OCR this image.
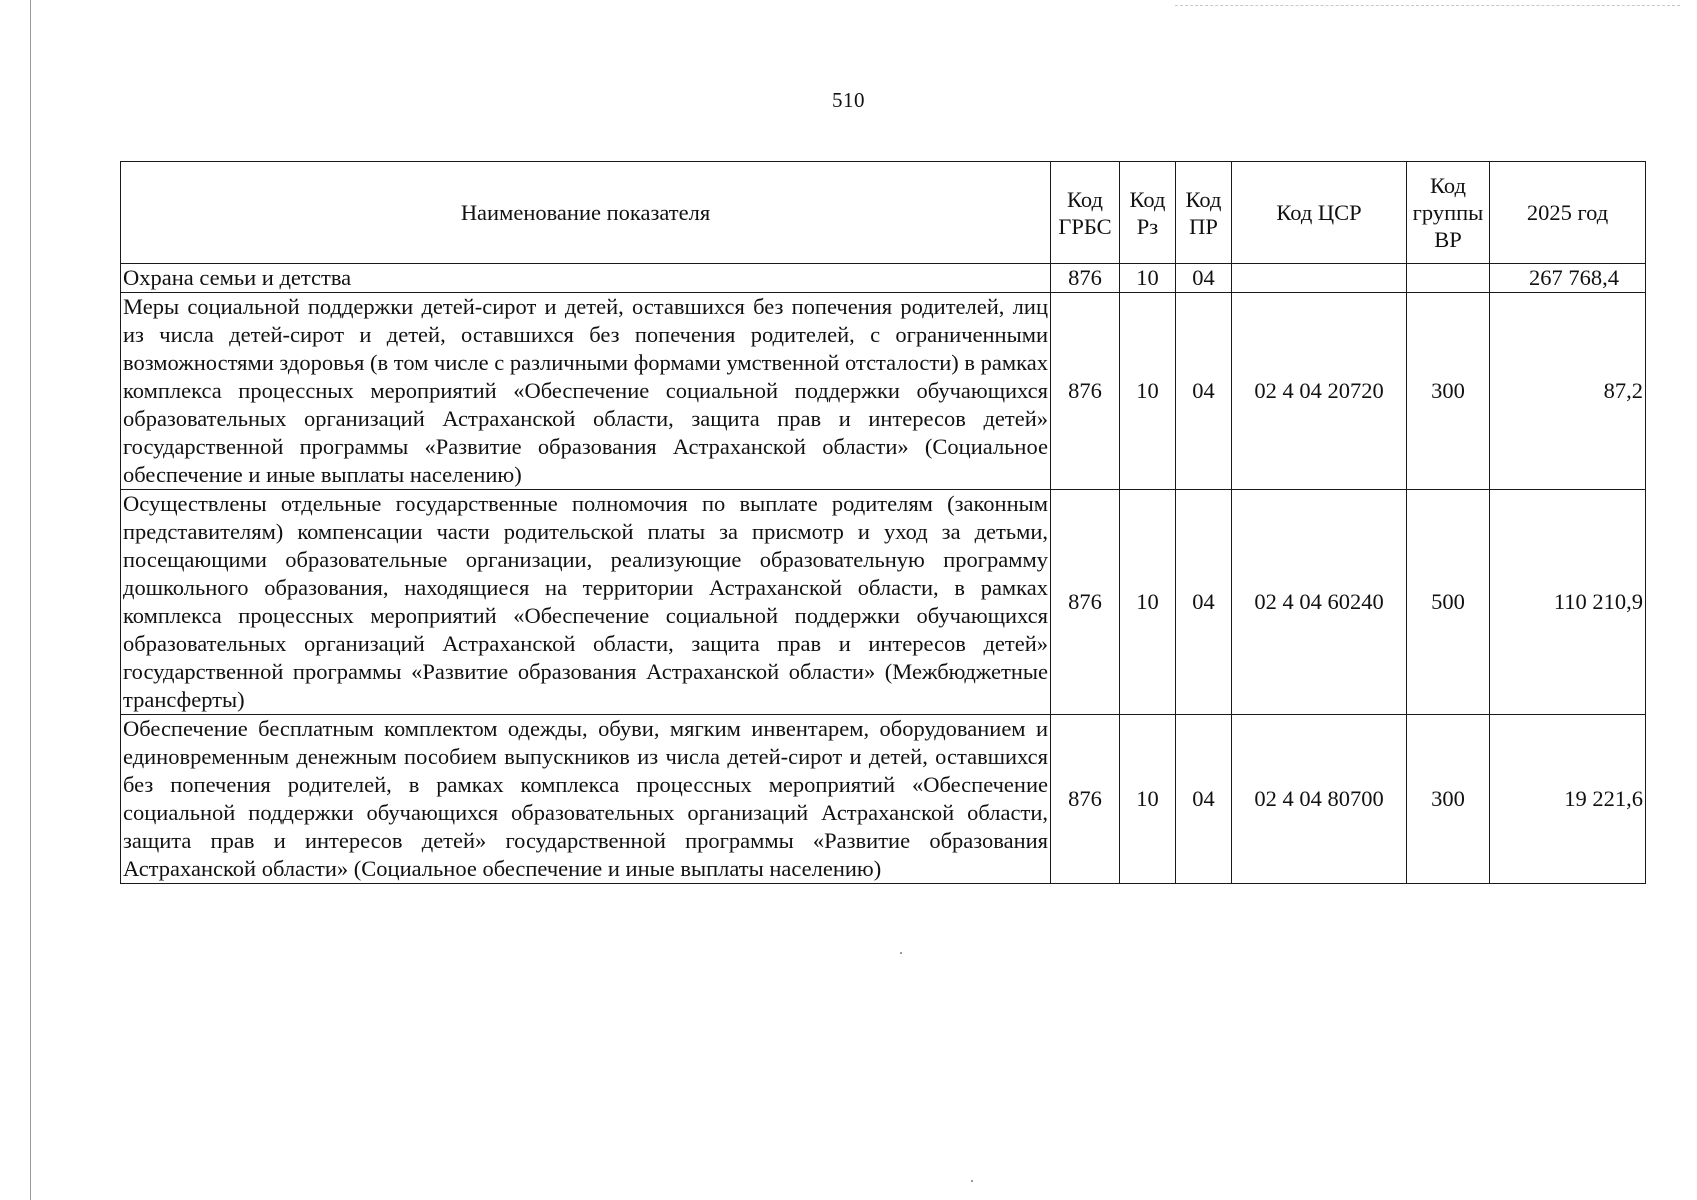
510
Наименование показателя	Код ГРБС	Код Рз	Код ПР	Код ЦСР	Код группы ВР	2025 год
Охрана семьи и детства	876	10	04			267 768,4
Меры социальной поддержки детей-сирот и детей, оставшихся без попечения родителей, лиц из числа детей-сирот и детей, оставшихся без попечения родителей, с ограниченными возможностями здоровья (в том числе с различными формами умственной отсталости) в рамках комплекса процессных мероприятий «Обеспечение социальной поддержки обучающихся образовательных организаций Астраханской области, защита прав и интересов детей» государственной программы «Развитие образования Астраханской области» (Социальное обеспечение и иные выплаты населению)	876	10	04	02 4 04 20720	300	87,2
Осуществлены отдельные государственные полномочия по выплате родителям (законным представителям) компенсации части родительской платы за присмотр и уход за детьми, посещающими образовательные организации, реализующие образовательную программу дошкольного образования, находящиеся на территории Астраханской области, в рамках комплекса процессных мероприятий «Обеспечение социальной поддержки обучающихся образовательных организаций Астраханской области, защита прав и интересов детей» государственной программы «Развитие образования Астраханской области» (Межбюджетные трансферты)	876	10	04	02 4 04 60240	500	110 210,9
Обеспечение бесплатным комплектом одежды, обуви, мягким инвентарем, оборудованием и единовременным денежным пособием выпускников из числа детей-сирот и детей, оставшихся без попечения родителей, в рамках комплекса процессных мероприятий «Обеспечение социальной поддержки обучающихся образовательных организаций Астраханской области, защита прав и интересов детей» государственной программы «Развитие образования Астраханской области» (Социальное обеспечение и иные выплаты населению)	876	10	04	02 4 04 80700	300	19 221,6
